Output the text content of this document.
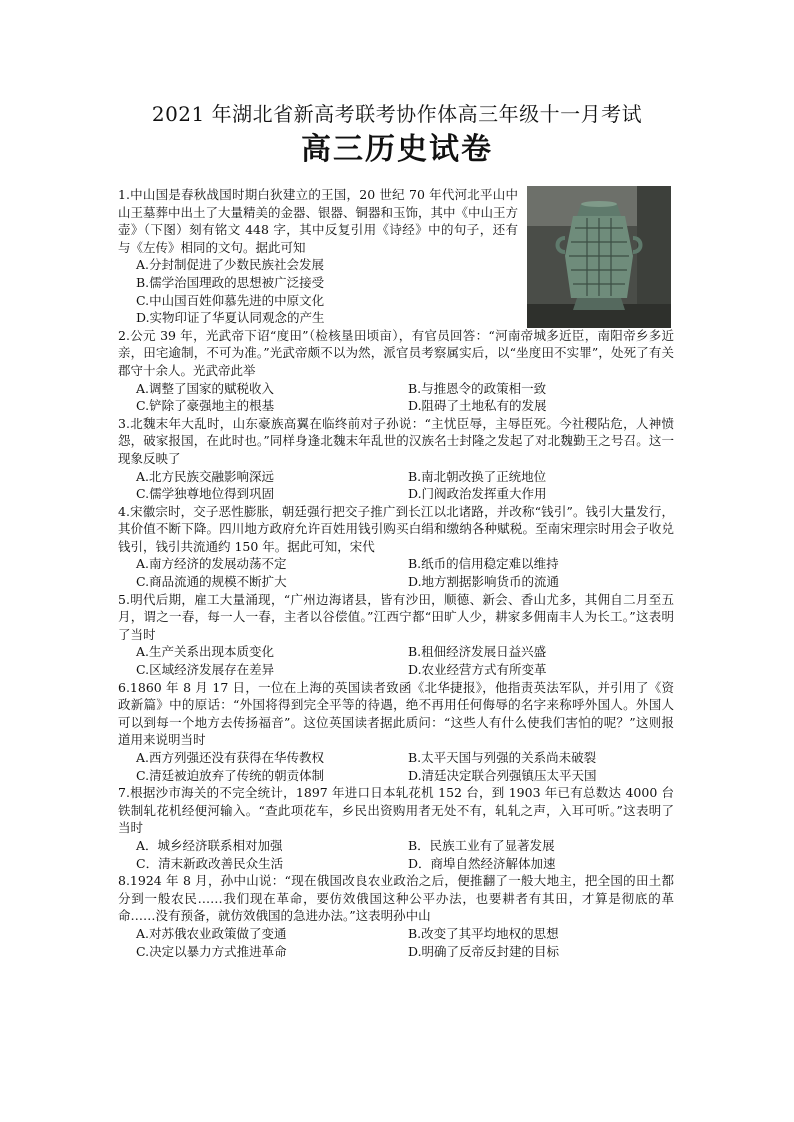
2021 年湖北省新高考联考协作体高三年级十一月考试
高三历史试卷
1.中山国是春秋战国时期白狄建立的王国，20 世纪 70 年代河北平山中山王墓葬中出土了大量精美的金器、银器、铜器和玉饰，其中《中山王方壶》（下图）刻有铭文 448 字，其中反复引用《诗经》中的句子，还有与《左传》相同的文句。据此可知
A.分封制促进了少数民族社会发展
B.儒学治国理政的思想被广泛接受
C.中山国百姓仰慕先进的中原文化
D.实物印证了华夏认同观念的产生
2.公元 39 年，光武帝下诏“度田”（检核垦田顷亩），有官员回答：“河南帝城多近臣，南阳帝乡多近亲，田宅逾制，不可为准。”光武帝颇不以为然，派官员考察属实后，以“坐度田不实罪”，处死了有关郡守十余人。光武帝此举
A.调整了国家的赋税收入	B.与推恩令的政策相一致
C.铲除了豪强地主的根基	D.阻碍了土地私有的发展
3.北魏末年大乱时，山东豪族高翼在临终前对子孙说：“主忧臣辱，主辱臣死。今社稷阽危，人神愤怨，破家报国，在此时也。”同样身逢北魏末年乱世的汉族名士封隆之发起了对北魏勤王之号召。这一现象反映了
A.北方民族交融影响深远	B.南北朝改换了正统地位
C.儒学独尊地位得到巩固	D.门阀政治发挥重大作用
4.宋徽宗时，交子恶性膨胀，朝廷强行把交子推广到长江以北诸路，并改称“钱引”。钱引大量发行，其价值不断下降。四川地方政府允许百姓用钱引购买白绢和缴纳各种赋税。至南宋理宗时用会子收兑钱引，钱引共流通约 150 年。据此可知，宋代
A.南方经济的发展动荡不定	B.纸币的信用稳定难以维持
C.商品流通的规模不断扩大	D.地方割据影响货币的流通
5.明代后期，雇工大量涌现，“广州边海诸县，皆有沙田，顺德、新会、香山尤多，其佣自二月至五月，谓之一春，每一人一春，主者以谷偿值。”江西宁都“田旷人少，耕家多佣南丰人为长工。”这表明了当时
A.生产关系出现本质变化	B.租佃经济发展日益兴盛
C.区域经济发展存在差异	D.农业经营方式有所变革
6.1860 年 8 月 17 日，一位在上海的英国读者致函《北华捷报》，他指责英法军队，并引用了《资政新篇》中的原话：“外国将得到完全平等的待遇，绝不再用任何侮辱的名字来称呼外国人。外国人可以到每一个地方去传扬福音”。这位英国读者据此质问：“这些人有什么使我们害怕的呢？”这则报道用来说明当时
A.西方列强还没有获得在华传教权	B.太平天国与列强的关系尚未破裂
C.清廷被迫放弃了传统的朝贡体制	D.清廷决定联合列强镇压太平天国
7.根据沙市海关的不完全统计，1897 年进口日本轧花机 152 台，到 1903 年已有总数达 4000 台铁制轧花机经便河输入。“查此项花车，乡民出资购用者无处不有，轧轧之声，入耳可听。”这表明了当时
A．城乡经济联系相对加强	B．民族工业有了显著发展
C．清末新政改善民众生活	D．商埠自然经济解体加速
8.1924 年 8 月，孙中山说：“现在俄国改良农业政治之后，便推翻了一般大地主，把全国的田土都分到一般农民……我们现在革命，要仿效俄国这种公平办法，也要耕者有其田，才算是彻底的革命……没有预备，就仿效俄国的急进办法。”这表明孙中山
A.对苏俄农业政策做了变通	B.改变了其平均地权的思想
C.决定以暴力方式推进革命	D.明确了反帝反封建的目标
